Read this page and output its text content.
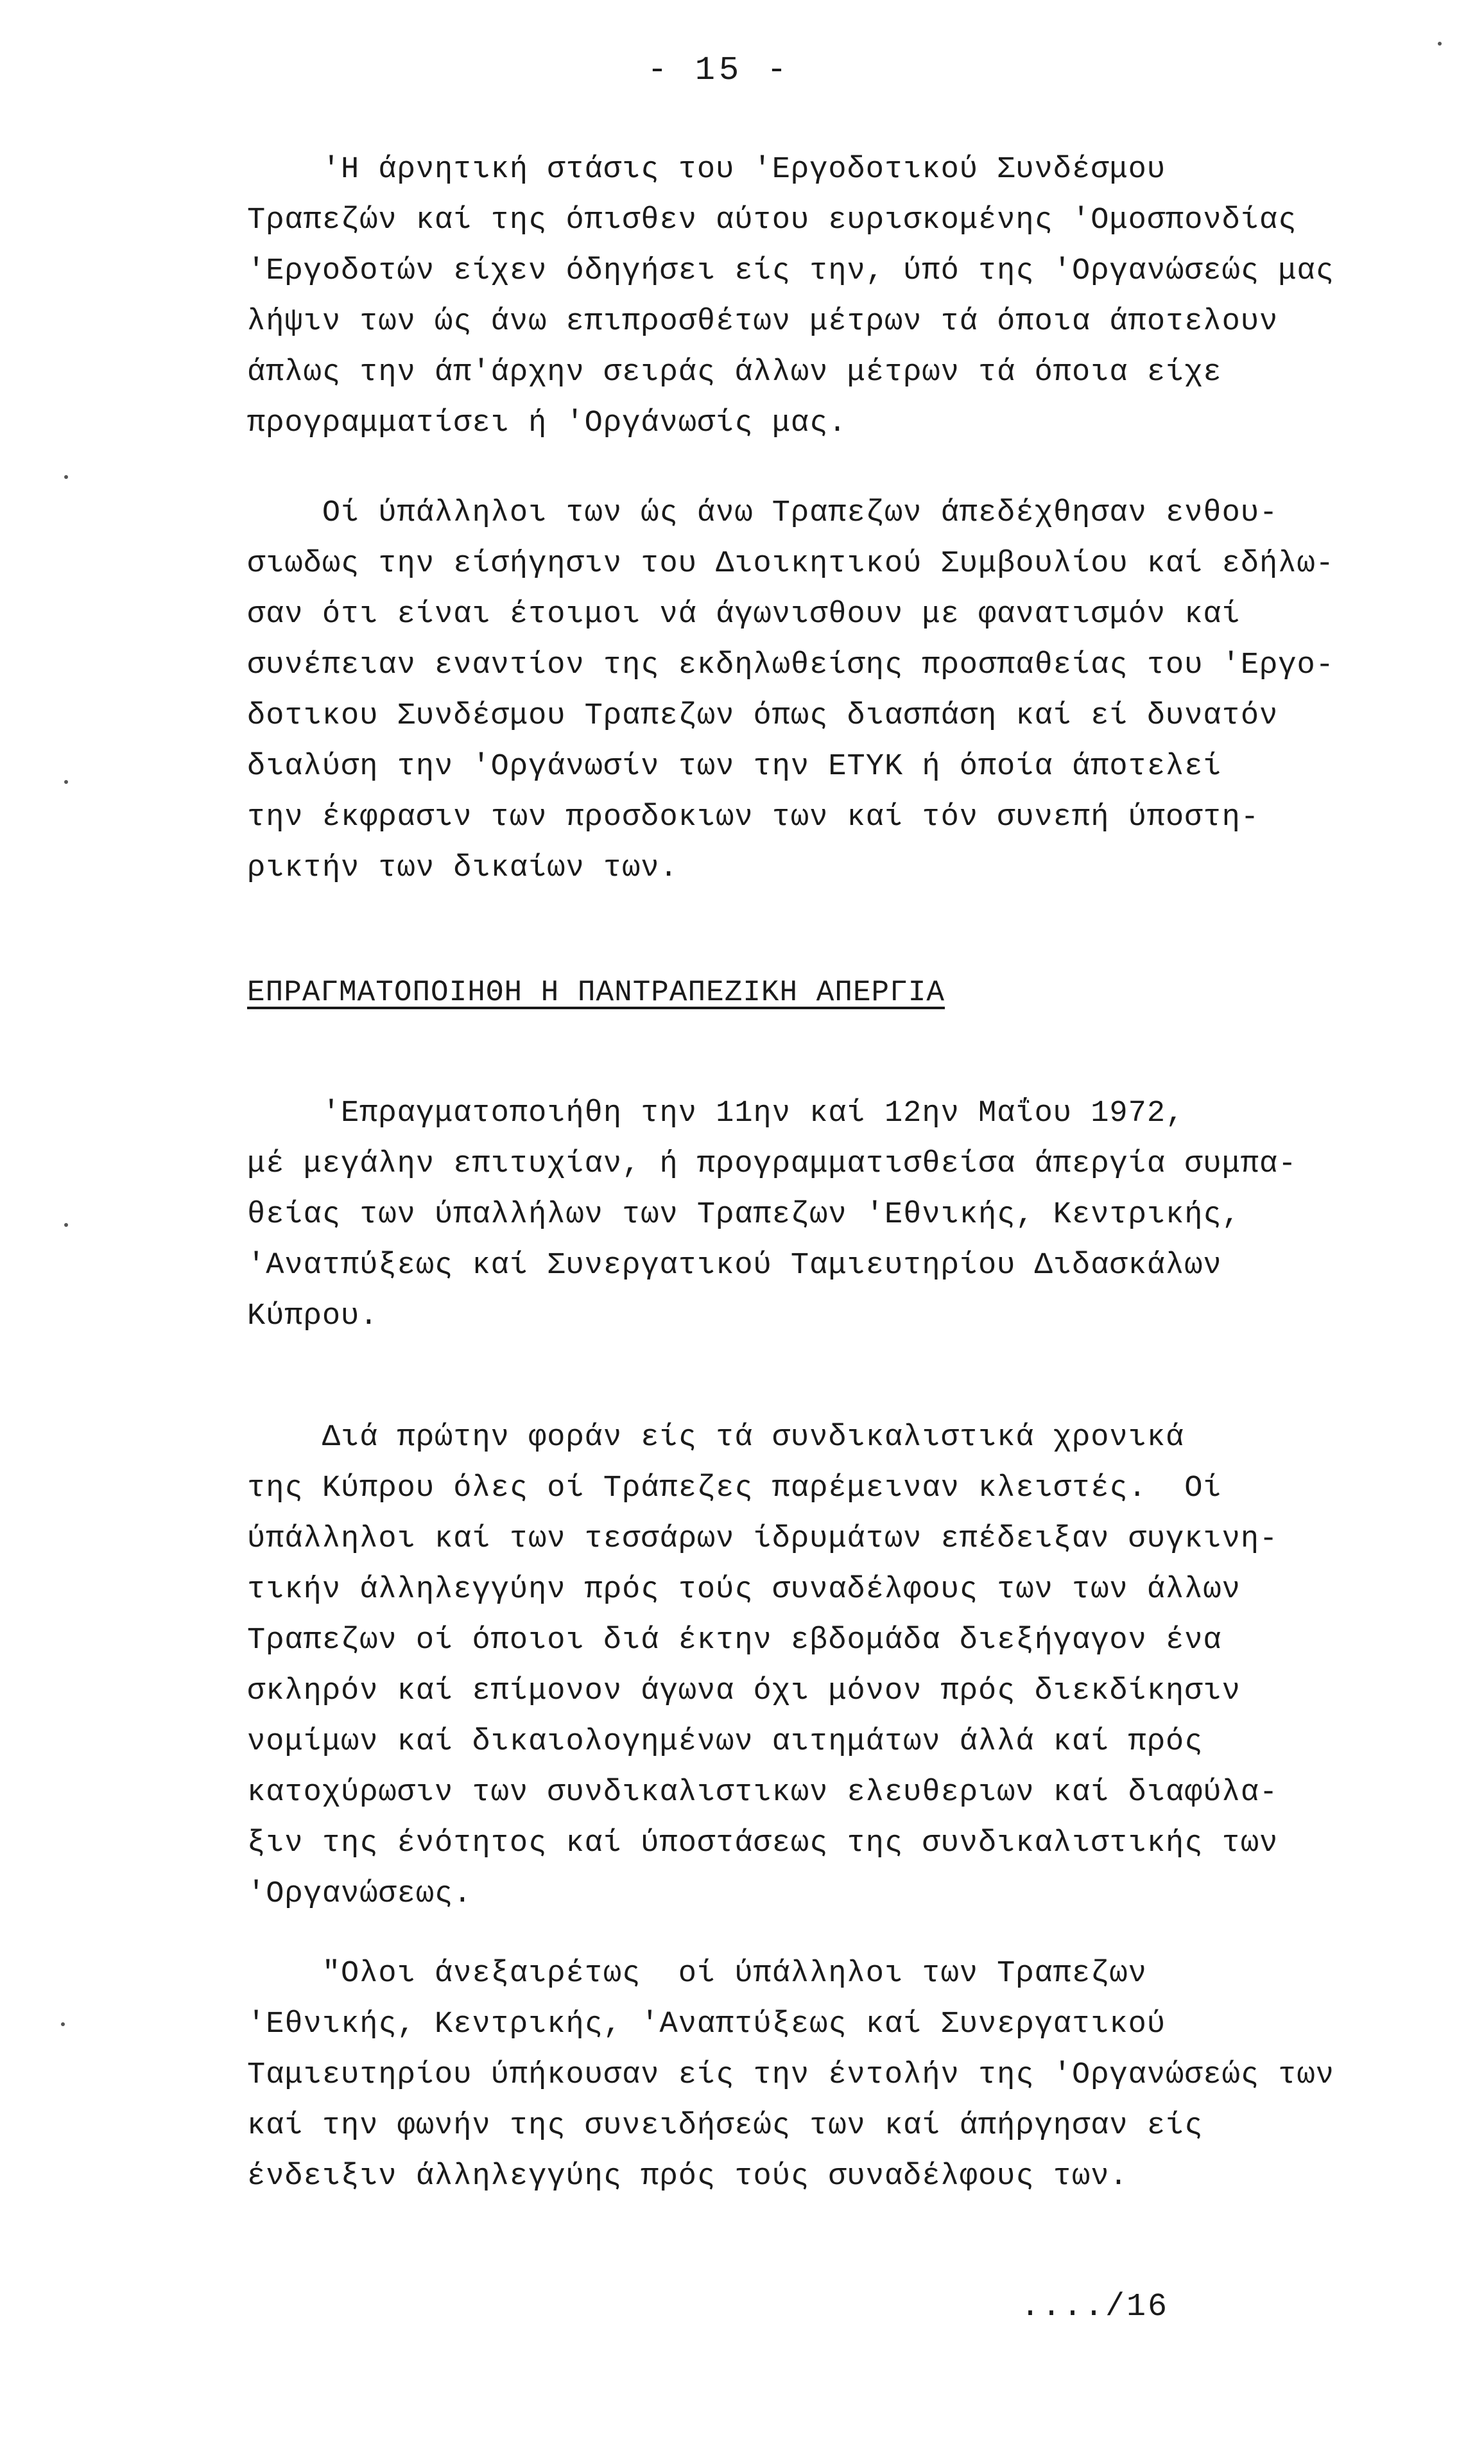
- 15 -

'Η άρνητική στάσις του 'Εργοδοτικού Συνδέσμου
Τραπεζών καί της όπισθεν αύτου ευρισκομένης 'Ομοσπονδίας
'Εργοδοτών είχεν όδηγήσει είς την, ύπό της 'Οργανώσεώς μας
λήψιν των ώς άνω επιπροσθέτων μέτρων τά όποια άποτελουν
άπλως την άπ'άρχην σειράς άλλων μέτρων τά όποια είχε
προγραμματίσει ή 'Οργάνωσίς μας.

Οί ύπάλληλοι των ώς άνω Τραπεζων άπεδέχθησαν ενθου-
σιωδως την είσήγησιν του Διοικητικού Συμβουλίου καί εδήλω-
σαν ότι είναι έτοιμοι νά άγωνισθουν με φανατισμόν καί
συνέπειαν εναντίον της εκδηλωθείσης προσπαθείας του 'Εργο-
δοτικου Συνδέσμου Τραπεζων όπως διασπάση καί εί δυνατόν
διαλύση την 'Οργάνωσίν των την ΕΤΥΚ ή όποία άποτελεί
την έκφρασιν των προσδοκιων των καί τόν συνεπή ύποστη-
ρικτήν των δικαίων των.

ΕΠΡΑΓΜΑΤΟΠΟΙΗΘΗ Η ΠΑΝΤΡΑΠΕΖΙΚΗ ΑΠΕΡΓΙΑ

'Επραγματοποιήθη την 11ην καί 12ην Μαΐου 1972,
μέ μεγάλην επιτυχίαν, ή προγραμματισθείσα άπεργία συμπα-
θείας των ύπαλλήλων των Τραπεζων 'Εθνικής, Κεντρικής,
'Ανατπύξεως καί Συνεργατικού Ταμιευτηρίου Διδασκάλων
Κύπρου.

Διά πρώτην φοράν είς τά συνδικαλιστικά χρονικά
της Κύπρου όλες οί Τράπεζες παρέμειναν κλειστές.  Οί
ύπάλληλοι καί των τεσσάρων ίδρυμάτων επέδειξαν συγκινη-
τικήν άλληλεγγύην πρός τούς συναδέλφους των των άλλων
Τραπεζων οί όποιοι διά έκτην εβδομάδα διεξήγαγον ένα
σκληρόν καί επίμονον άγωνα όχι μόνον πρός διεκδίκησιν
νομίμων καί δικαιολογημένων αιτημάτων άλλά καί πρός
κατοχύρωσιν των συνδικαλιστικων ελευθεριων καί διαφύλα-
ξιν της ένότητος καί ύποστάσεως της συνδικαλιστικής των
'Οργανώσεως.

"Ολοι άνεξαιρέτως  οί ύπάλληλοι των Τραπεζων
'Εθνικής, Κεντρικής, 'Αναπτύξεως καί Συνεργατικού
Ταμιευτηρίου ύπήκουσαν είς την έντολήν της 'Οργανώσεώς των
καί την φωνήν της συνειδήσεώς των καί άπήργησαν είς
ένδειξιν άλληλεγγύης πρός τούς συναδέλφους των.

..../16
